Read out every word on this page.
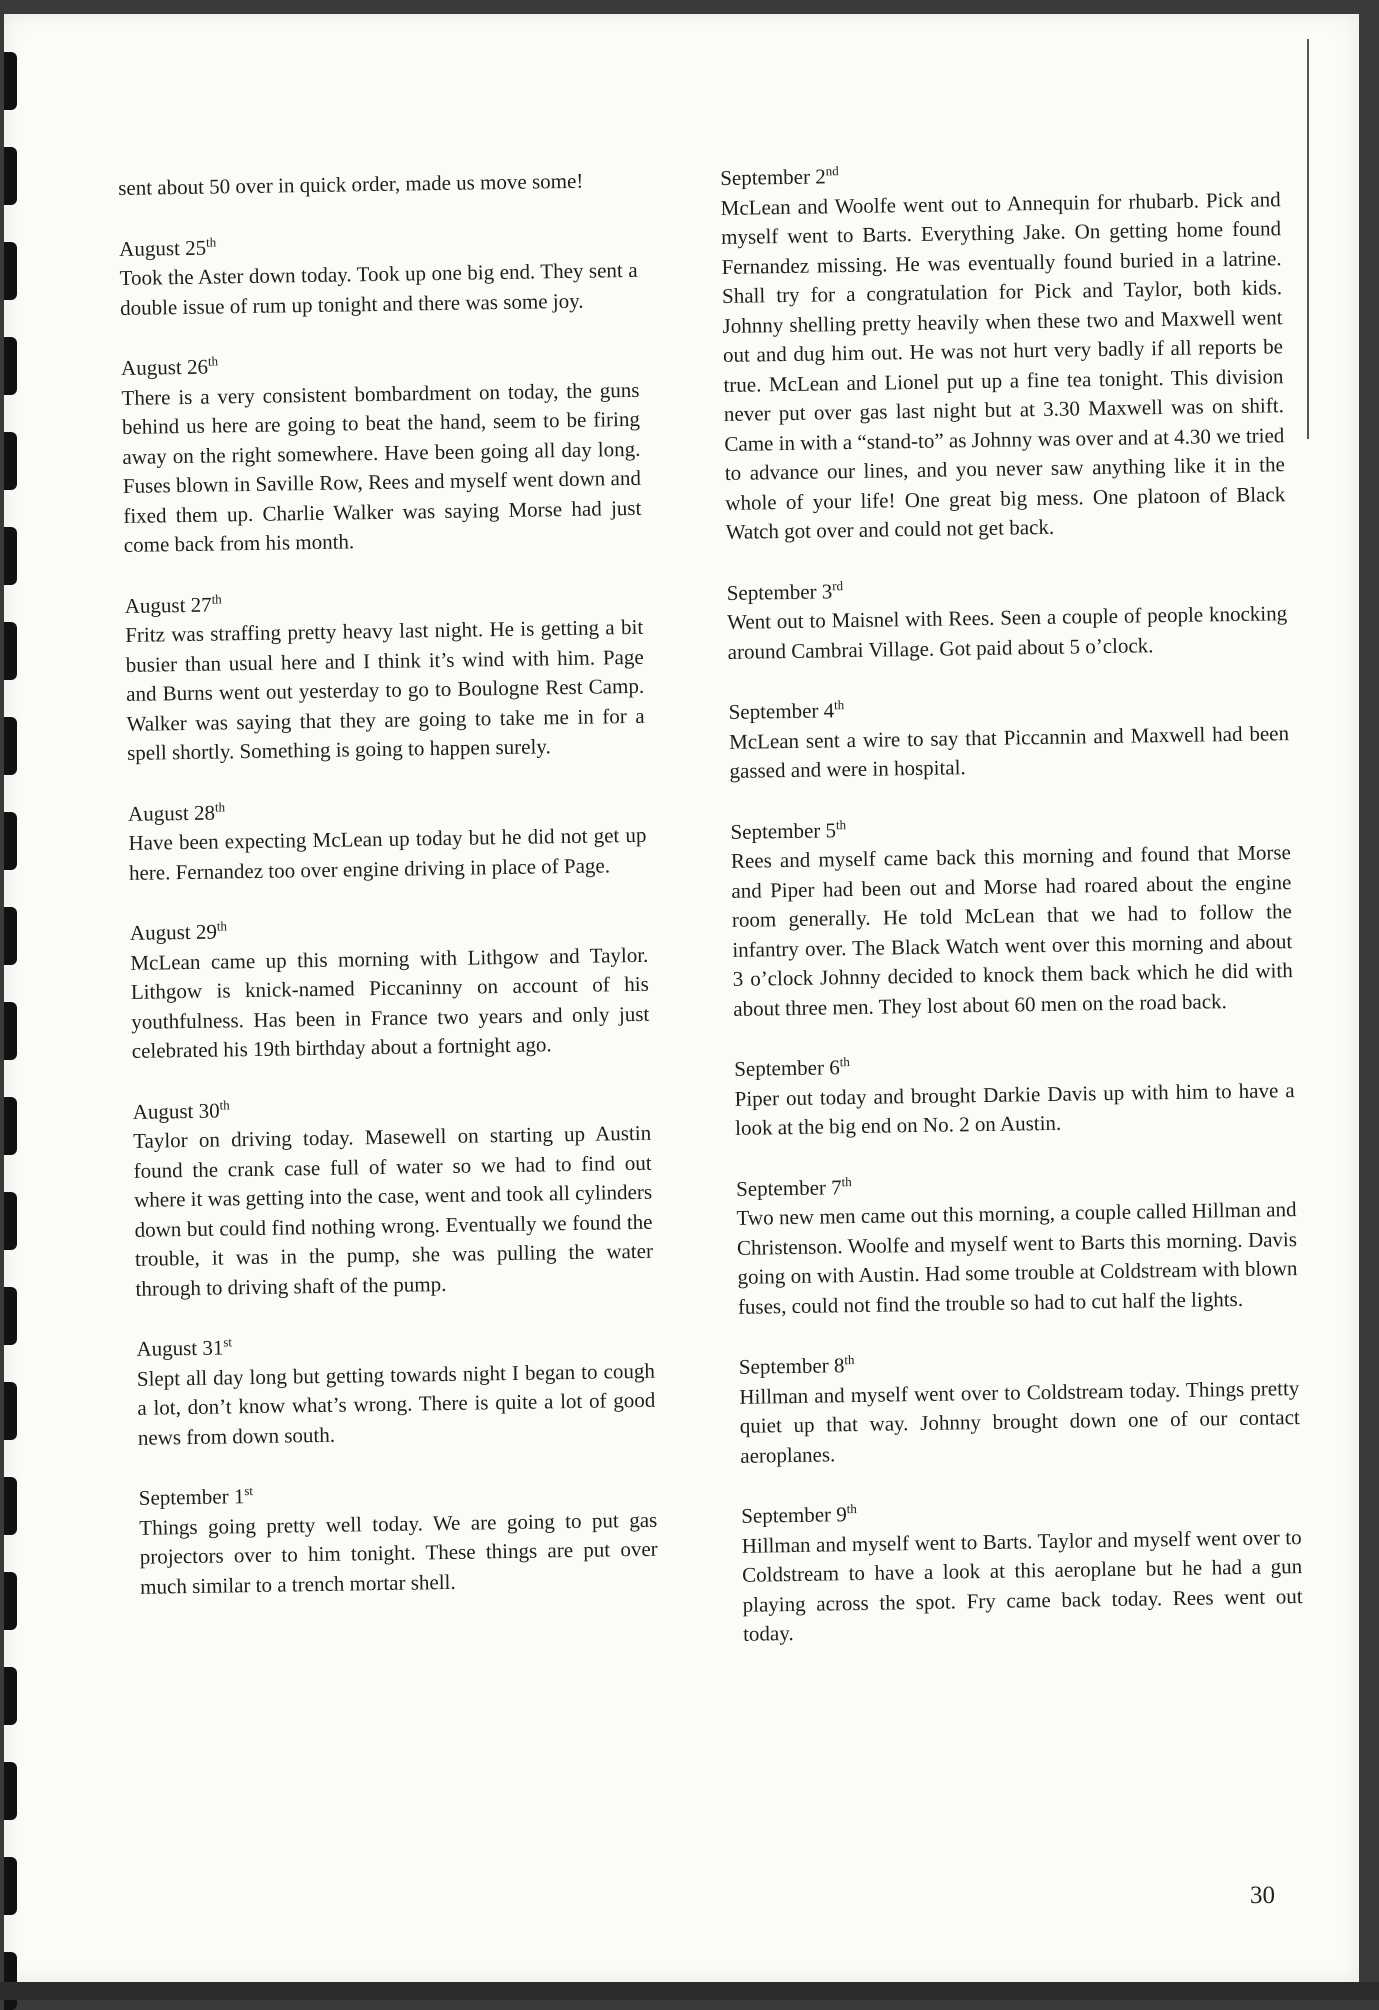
sent about 50 over in quick order, made us move some!
August 25th
Took the Aster down today. Took up one big end. They sent a double issue of rum up tonight and there was some joy.
August 26th
There is a very consistent bombardment on today, the guns behind us here are going to beat the hand, seem to be firing away on the right somewhere. Have been going all day long. Fuses blown in Saville Row, Rees and myself went down and fixed them up. Charlie Walker was saying Morse had just come back from his month.
August 27th
Fritz was straffing pretty heavy last night. He is getting a bit busier than usual here and I think it’s wind with him. Page and Burns went out yesterday to go to Boulogne Rest Camp. Walker was saying that they are going to take me in for a spell shortly. Something is going to happen surely.
August 28th
Have been expecting McLean up today but he did not get up here. Fernandez too over engine driving in place of Page.
August 29th
McLean came up this morning with Lithgow and Taylor. Lithgow is knick-named Piccaninny on account of his youthfulness. Has been in France two years and only just celebrated his 19th birthday about a fortnight ago.
August 30th
Taylor on driving today. Masewell on starting up Austin found the crank case full of water so we had to find out where it was getting into the case, went and took all cylinders down but could find nothing wrong. Eventually we found the trouble, it was in the pump, she was pulling the water through to driving shaft of the pump.
August 31st
Slept all day long but getting towards night I began to cough a lot, don’t know what’s wrong. There is quite a lot of good news from down south.
September 1st
Things going pretty well today. We are going to put gas projectors over to him tonight. These things are put over much similar to a trench mortar shell.
September 2nd
McLean and Woolfe went out to Annequin for rhubarb. Pick and myself went to Barts. Everything Jake. On getting home found Fernandez missing. He was eventually found buried in a latrine. Shall try for a congratulation for Pick and Taylor, both kids. Johnny shelling pretty heavily when these two and Maxwell went out and dug him out. He was not hurt very badly if all reports be true. McLean and Lionel put up a fine tea tonight. This division never put over gas last night but at 3.30 Maxwell was on shift. Came in with a “stand-to” as Johnny was over and at 4.30 we tried to advance our lines, and you never saw anything like it in the whole of your life! One great big mess. One platoon of Black Watch got over and could not get back.
September 3rd
Went out to Maisnel with Rees. Seen a couple of people knocking around Cambrai Village. Got paid about 5 o’clock.
September 4th
McLean sent a wire to say that Piccannin and Maxwell had been gassed and were in hospital.
September 5th
Rees and myself came back this morning and found that Morse and Piper had been out and Morse had roared about the engine room generally. He told McLean that we had to follow the infantry over. The Black Watch went over this morning and about 3 o’clock Johnny decided to knock them back which he did with about three men. They lost about 60 men on the road back.
September 6th
Piper out today and brought Darkie Davis up with him to have a look at the big end on No. 2 on Austin.
September 7th
Two new men came out this morning, a couple called Hillman and Christenson. Woolfe and myself went to Barts this morning. Davis going on with Austin. Had some trouble at Coldstream with blown fuses, could not find the trouble so had to cut half the lights.
September 8th
Hillman and myself went over to Coldstream today. Things pretty quiet up that way. Johnny brought down one of our contact aeroplanes.
September 9th
Hillman and myself went to Barts. Taylor and myself went over to Coldstream to have a look at this aeroplane but he had a gun playing across the spot. Fry came back today. Rees went out today.
30
